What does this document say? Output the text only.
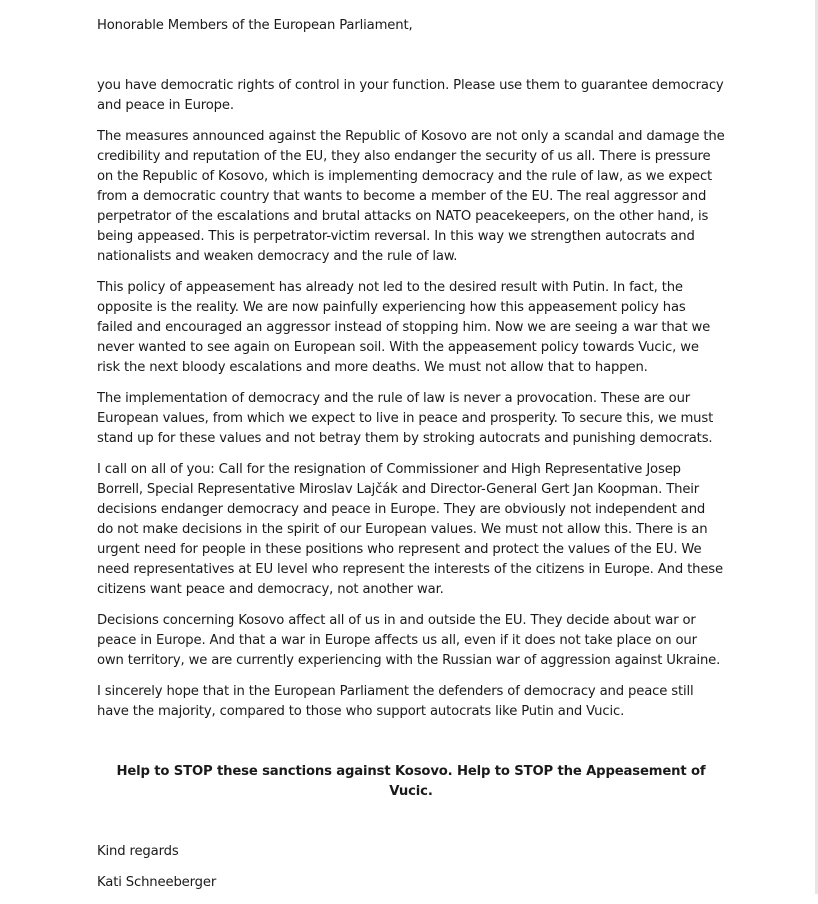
Honorable Members of the European Parliament,

you have democratic rights of control in your function. Please use them to guarantee democracy and peace in Europe.

The measures announced against the Republic of Kosovo are not only a scandal and damage the credibility and reputation of the EU, they also endanger the security of us all. There is pressure on the Republic of Kosovo, which is implementing democracy and the rule of law, as we expect from a democratic country that wants to become a member of the EU. The real aggressor and perpetrator of the escalations and brutal attacks on NATO peacekeepers, on the other hand, is being appeased. This is perpetrator-victim reversal. In this way we strengthen autocrats and nationalists and weaken democracy and the rule of law.

This policy of appeasement has already not led to the desired result with Putin. In fact, the opposite is the reality. We are now painfully experiencing how this appeasement policy has failed and encouraged an aggressor instead of stopping him. Now we are seeing a war that we never wanted to see again on European soil. With the appeasement policy towards Vucic, we risk the next bloody escalations and more deaths. We must not allow that to happen.

The implementation of democracy and the rule of law is never a provocation. These are our European values, from which we expect to live in peace and prosperity. To secure this, we must stand up for these values and not betray them by stroking autocrats and punishing democrats.

I call on all of you: Call for the resignation of Commissioner and High Representative Josep Borrell, Special Representative Miroslav Lajčák and Director-General Gert Jan Koopman. Their decisions endanger democracy and peace in Europe. They are obviously not independent and do not make decisions in the spirit of our European values. We must not allow this. There is an urgent need for people in these positions who represent and protect the values of the EU. We need representatives at EU level who represent the interests of the citizens in Europe. And these citizens want peace and democracy, not another war.

Decisions concerning Kosovo affect all of us in and outside the EU. They decide about war or peace in Europe. And that a war in Europe affects us all, even if it does not take place on our own territory, we are currently experiencing with the Russian war of aggression against Ukraine.

I sincerely hope that in the European Parliament the defenders of democracy and peace still have the majority, compared to those who support autocrats like Putin and Vucic.

Help to STOP these sanctions against Kosovo. Help to STOP the Appeasement of Vucic.

Kind regards

Kati Schneeberger
